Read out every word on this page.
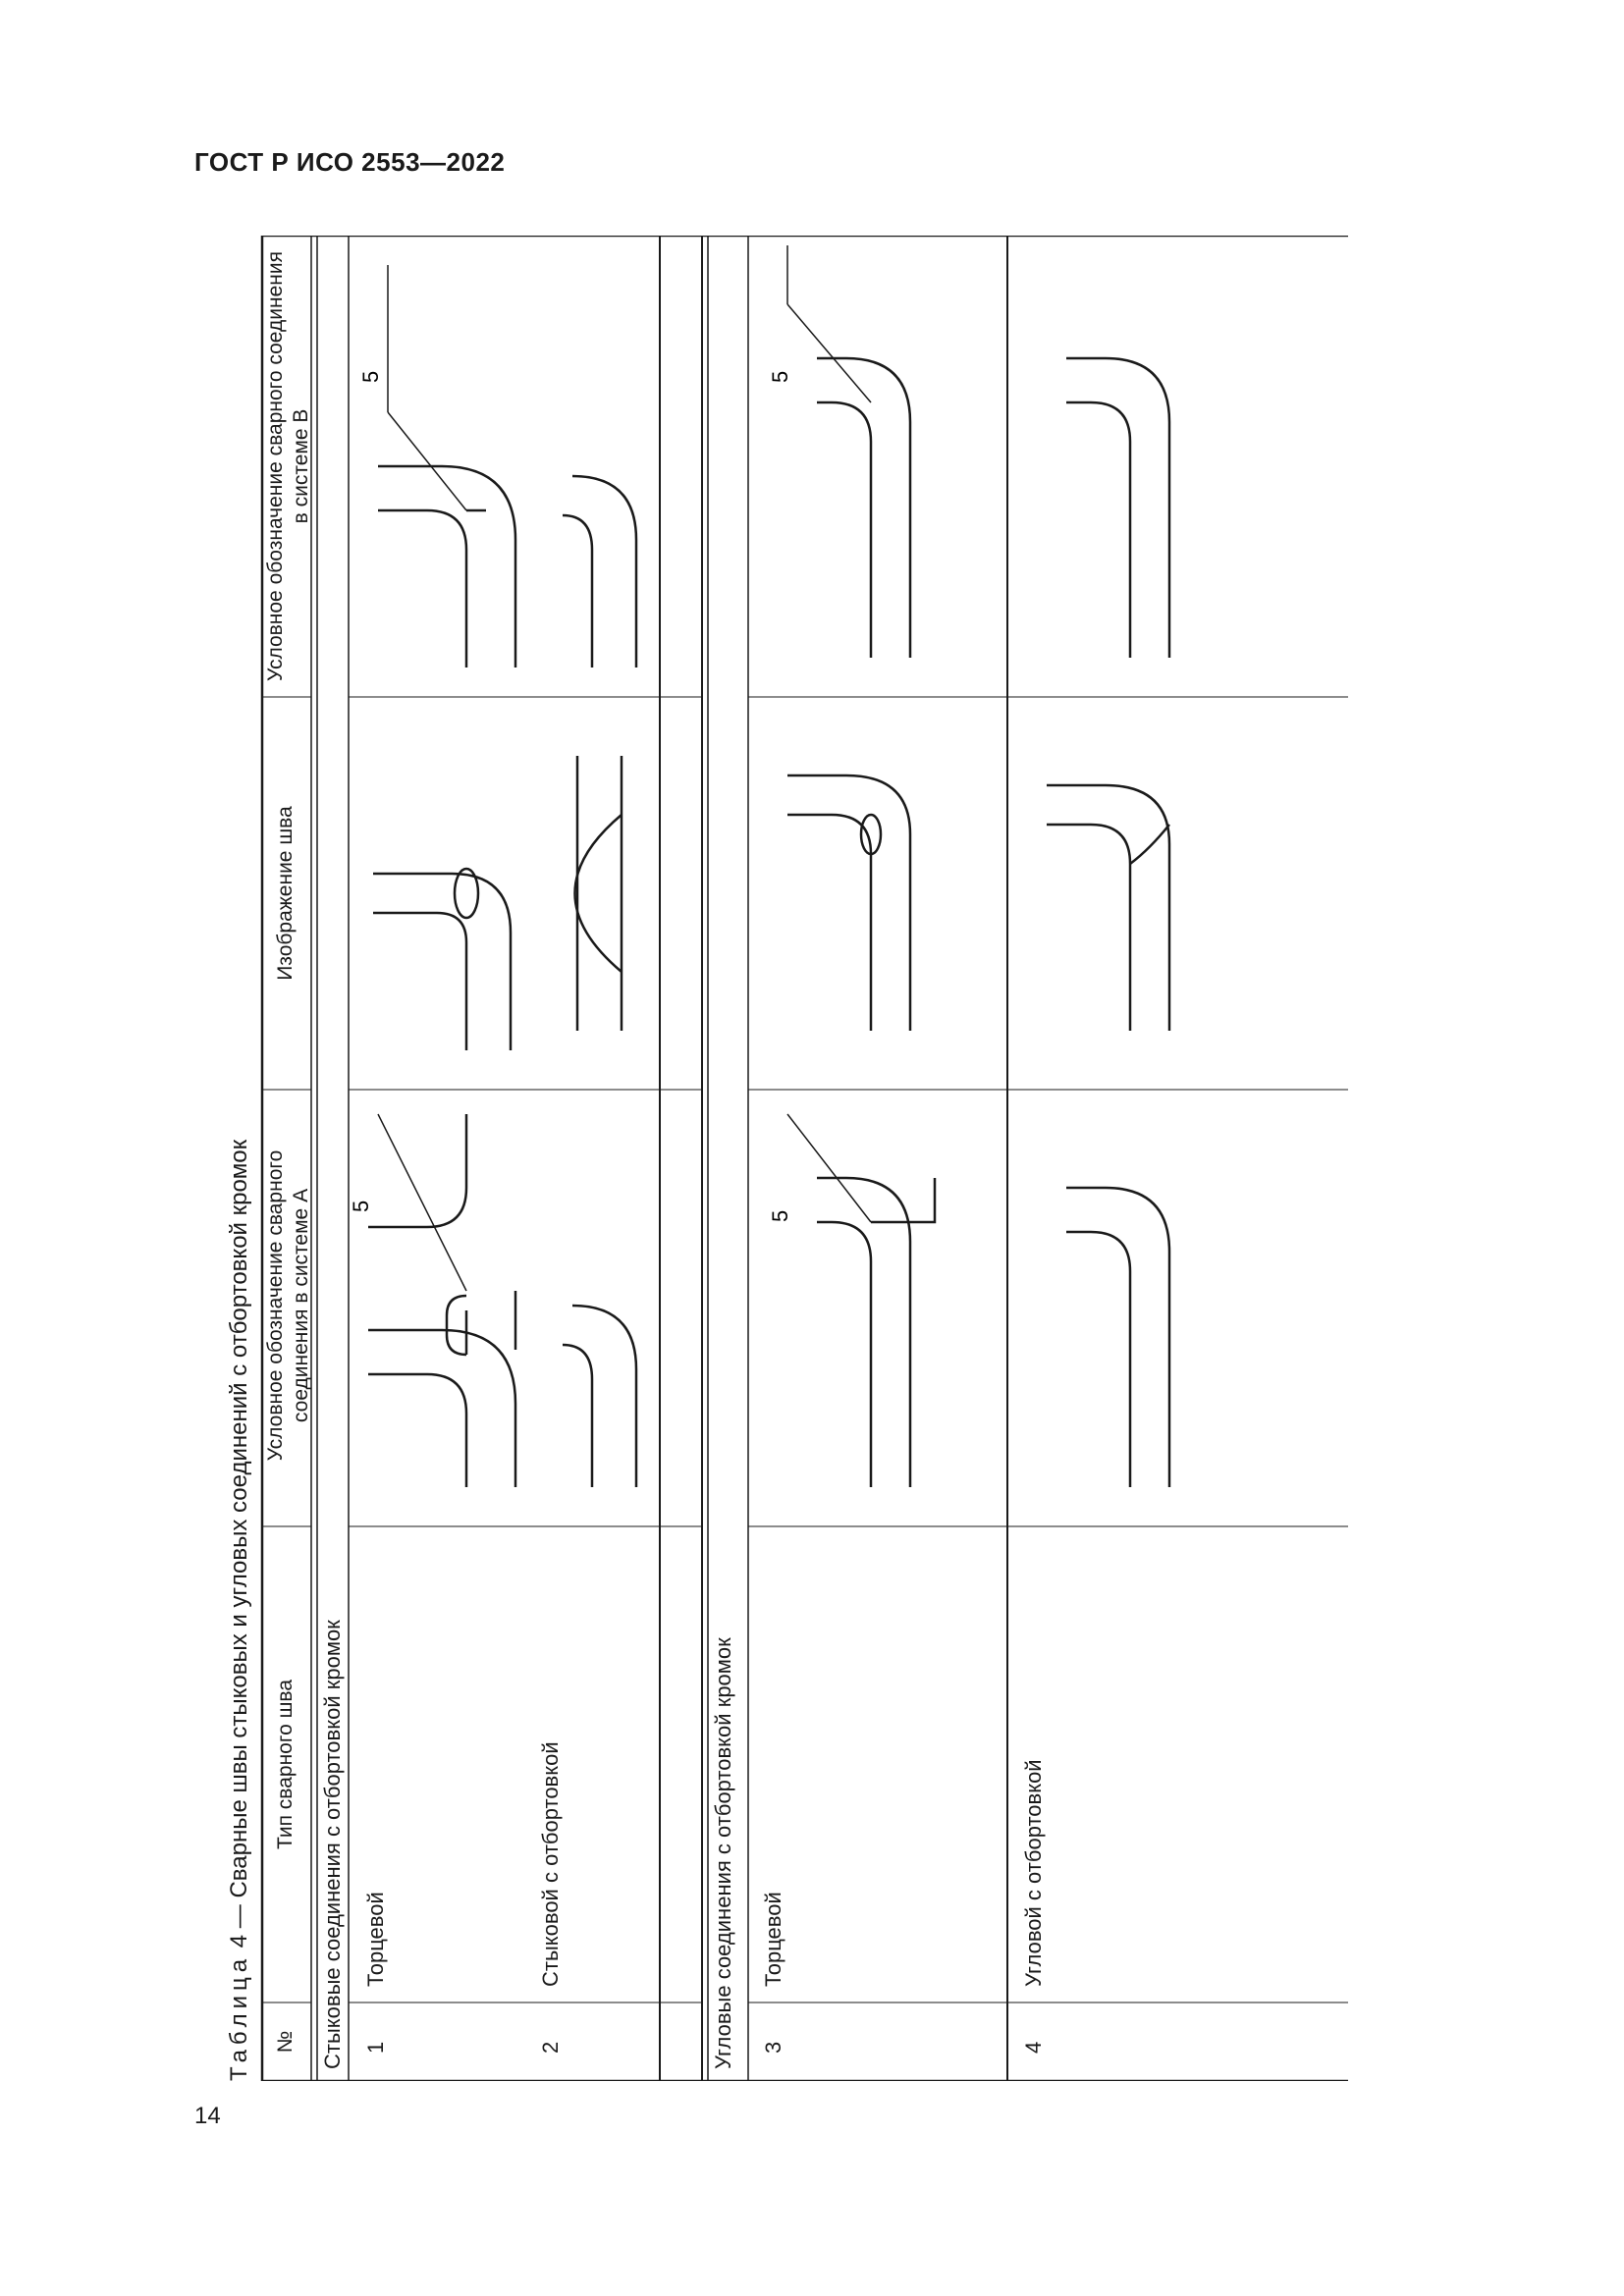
ГОСТ Р ИСО 2553—2022
14
Таблица 4 — Сварные швы стыковых и угловых соединений с отбортовкой кромок
№
Тип сварного шва
Условное обозначение сварного соединения в системе А
Изображение шва
Условное обозначение сварного соединения в системе В
Стыковые соединения с отбортовкой кромок	Угловые соединения с отбортовкой кромок
1
Торцевой
2
Стыковой с отбортовкой
3
Торцевой
4
Угловой с отбортовкой
5
5
5	5
